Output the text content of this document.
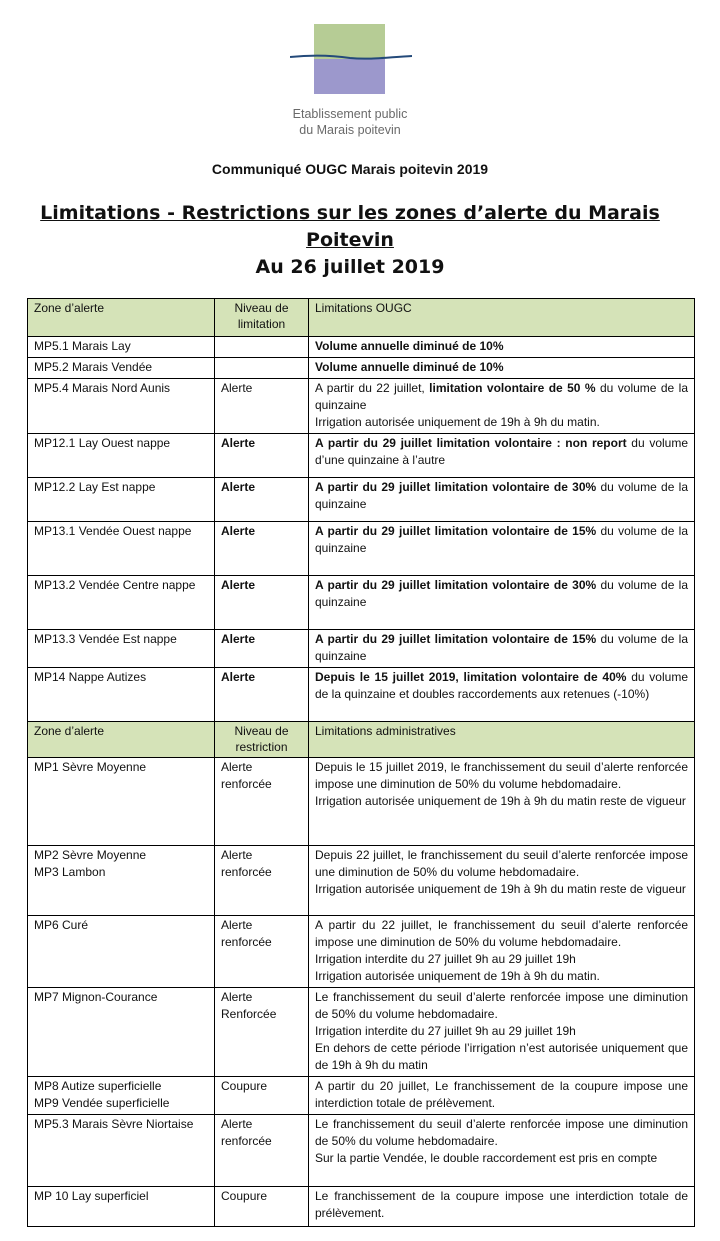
Etablissement public
du Marais poitevin
Communiqué OUGC Marais poitevin 2019
Limitations - Restrictions sur les zones d’alerte du Marais
Poitevin
Au 26 juillet 2019
Zone d’alerte	Niveau de limitation	Limitations OUGC
MP5.1 Marais Lay		Volume annuelle diminué de 10%
MP5.2 Marais Vendée		Volume annuelle diminué de 10%
MP5.4 Marais Nord Aunis	Alerte	A partir du 22 juillet, limitation volontaire de 50 % du volume de la quinzaine
Irrigation autorisée uniquement de 19h à 9h du matin.
MP12.1 Lay Ouest nappe	Alerte	A partir du 29 juillet limitation volontaire : non report du volume d’une quinzaine à l’autre
MP12.2 Lay Est nappe	Alerte	A partir du 29 juillet limitation volontaire de 30% du volume de la quinzaine
MP13.1 Vendée Ouest nappe	Alerte	A partir du 29 juillet limitation volontaire de 15% du volume de la quinzaine
MP13.2 Vendée Centre nappe	Alerte	A partir du 29 juillet limitation volontaire de 30% du volume de la quinzaine
MP13.3 Vendée Est nappe	Alerte	A partir du 29 juillet limitation volontaire de 15% du volume de la quinzaine
MP14 Nappe Autizes	Alerte	Depuis le 15 juillet 2019, limitation volontaire de 40% du volume de la quinzaine et doubles raccordements aux retenues (-10%)
Zone d’alerte	Niveau de restriction	Limitations administratives
MP1 Sèvre Moyenne	Alerte renforcée	Depuis le 15 juillet 2019, le franchissement du seuil d’alerte renforcée impose une diminution de 50% du volume hebdomadaire.
Irrigation autorisée uniquement de 19h à 9h du matin reste de vigueur
MP2 Sèvre Moyenne
MP3 Lambon	Alerte renforcée	Depuis 22 juillet, le franchissement du seuil d’alerte renforcée impose une diminution de 50% du volume hebdomadaire.
Irrigation autorisée uniquement de 19h à 9h du matin reste de vigueur
MP6 Curé	Alerte renforcée	A partir du 22 juillet, le franchissement du seuil d’alerte renforcée impose une diminution de 50% du volume hebdomadaire.
Irrigation interdite du 27 juillet 9h au 29 juillet 19h
Irrigation autorisée uniquement de 19h à 9h du matin.
MP7 Mignon-Courance	Alerte Renforcée	Le franchissement du seuil d’alerte renforcée impose une diminution de 50% du volume hebdomadaire.
Irrigation interdite du 27 juillet 9h au 29 juillet 19h
En dehors de cette période l’irrigation n’est autorisée uniquement que de 19h à 9h du matin
MP8 Autize superficielle
MP9 Vendée superficielle	Coupure	A partir du 20 juillet, Le franchissement de la coupure impose une interdiction totale de prélèvement.
MP5.3 Marais Sèvre Niortaise	Alerte renforcée	Le franchissement du seuil d’alerte renforcée impose une diminution de 50% du volume hebdomadaire.
Sur la partie Vendée, le double raccordement est pris en compte
MP 10 Lay superficiel	Coupure	Le franchissement de la coupure impose une interdiction totale de prélèvement.
